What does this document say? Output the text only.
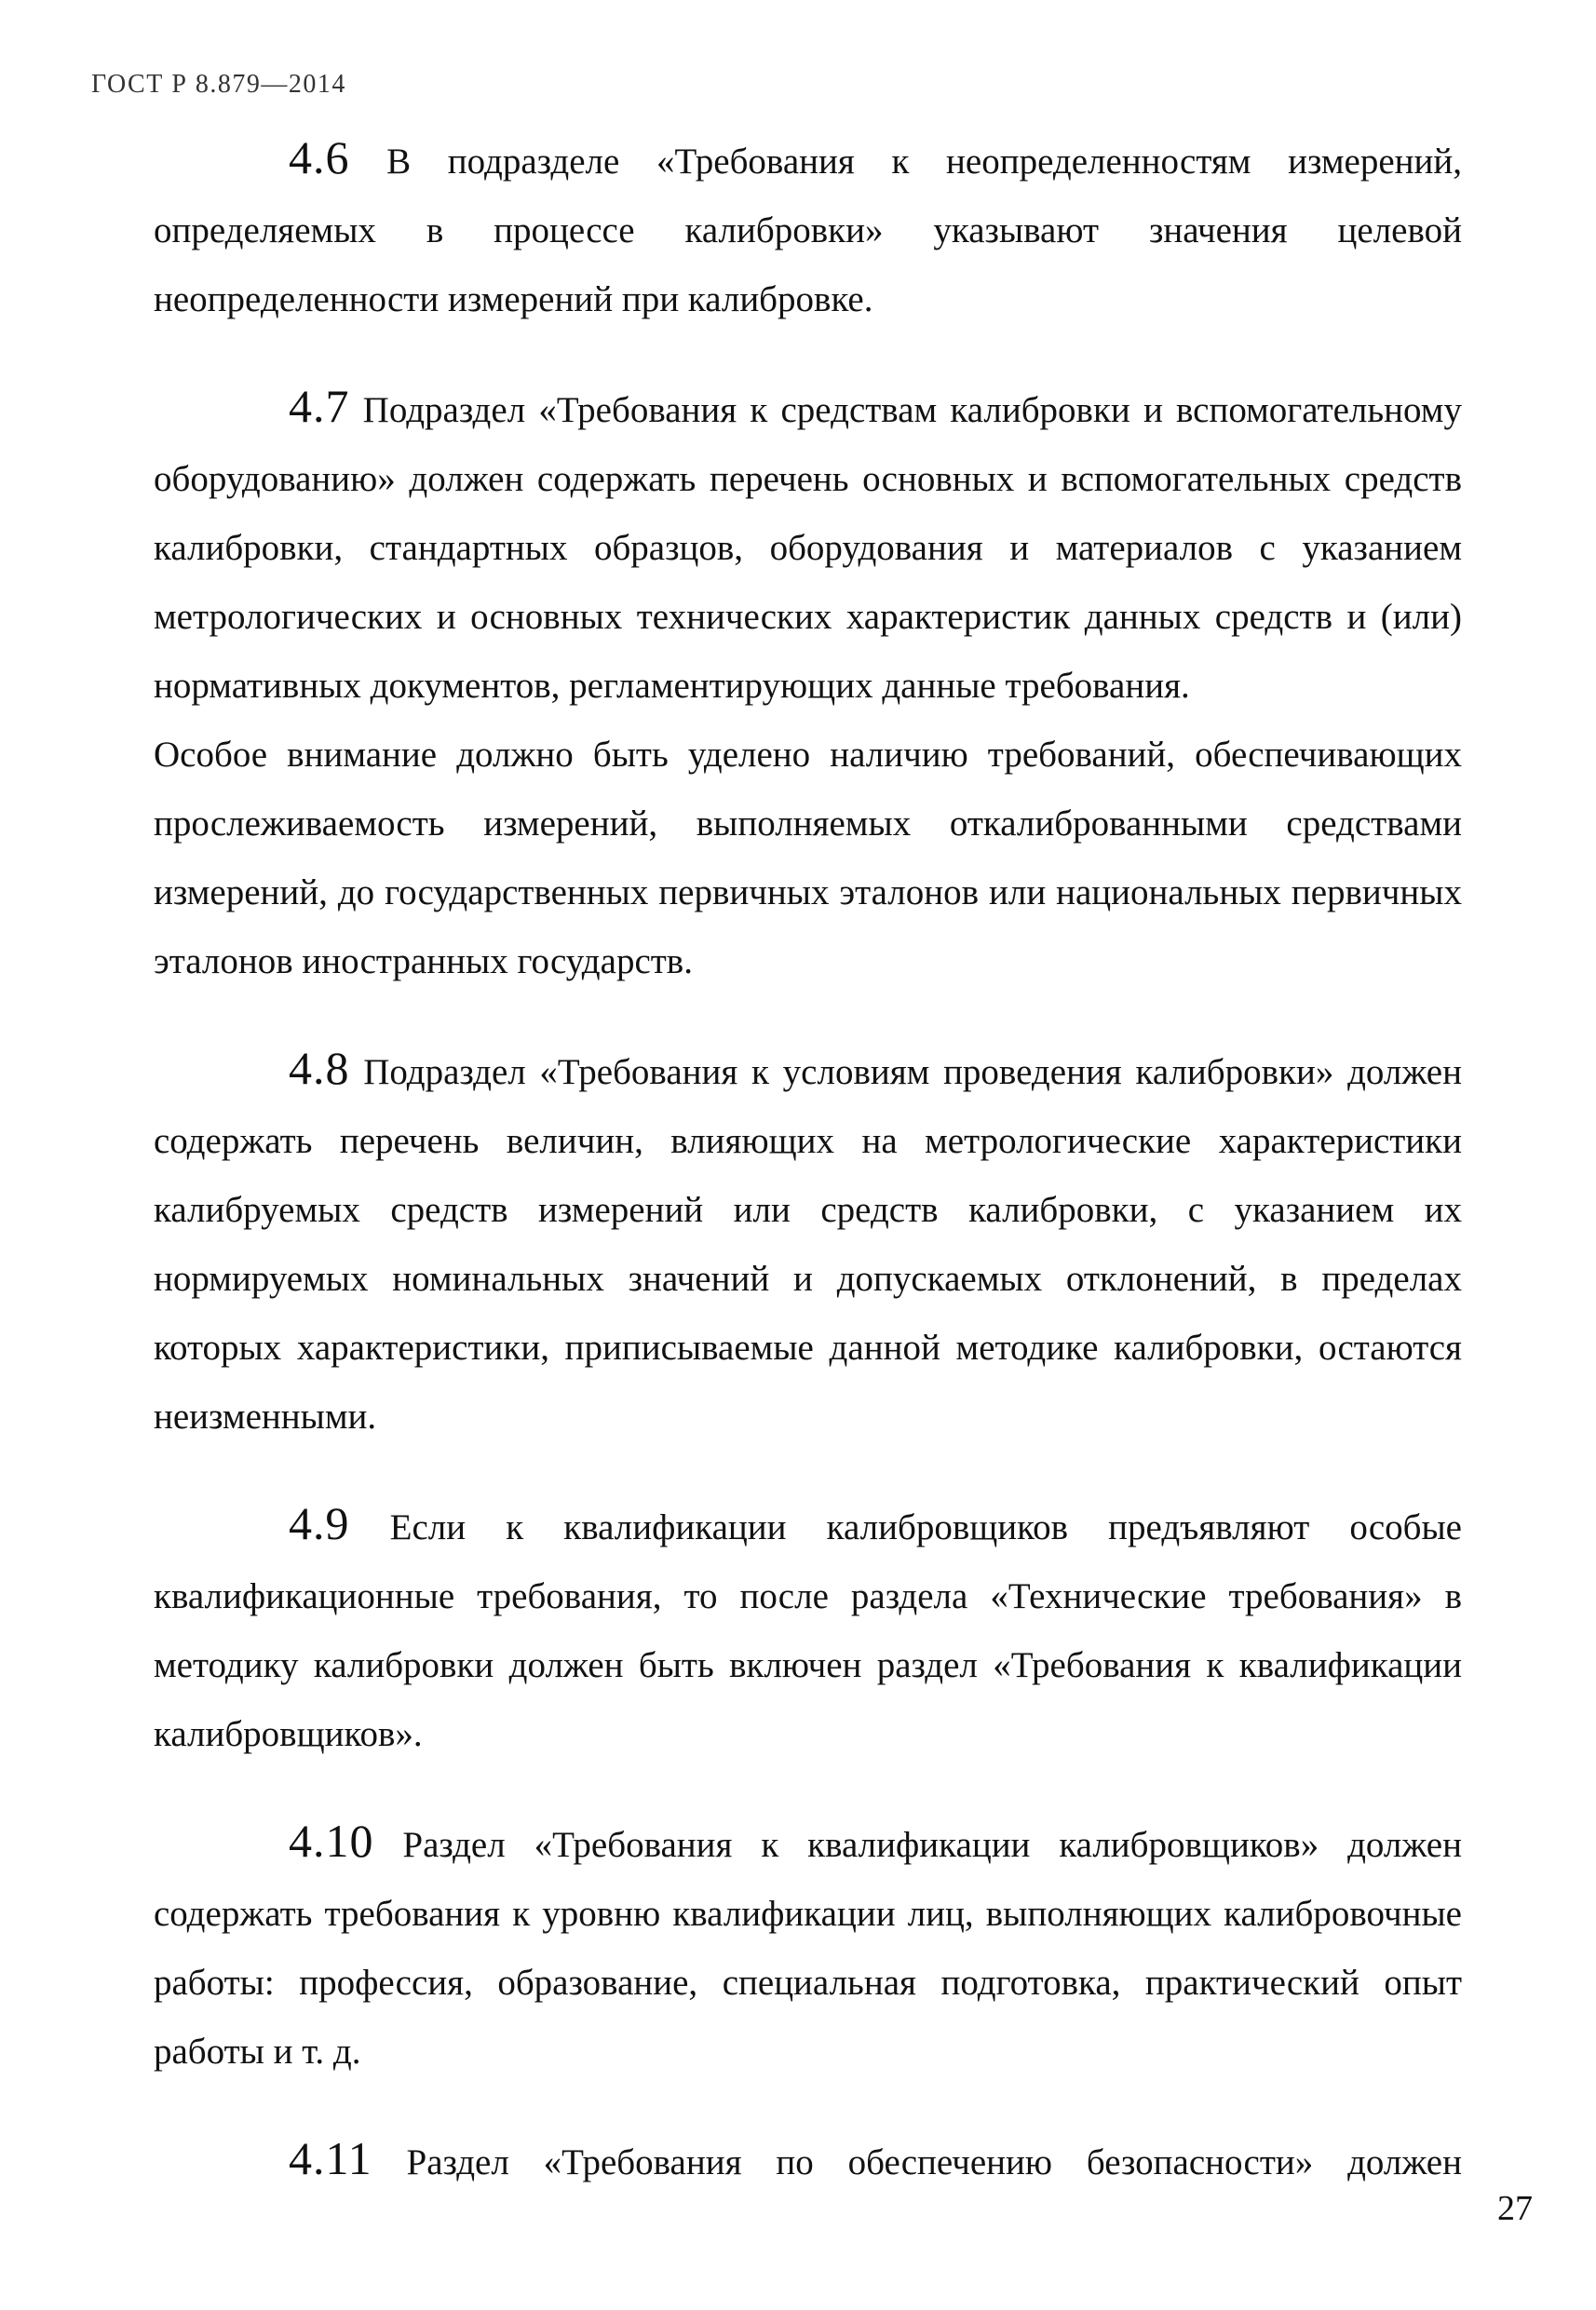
ГОСТ Р 8.879—2014

4.6 В подразделе «Требования к неопределенностям измерений, определяемых в процессе калибровки» указывают значения целевой неопределенности измерений при калибровке.

4.7 Подраздел «Требования к средствам калибровки и вспомогательному оборудованию» должен содержать перечень основных и вспомогательных средств калибровки, стандартных образцов, оборудования и материалов с указанием метрологических и основных технических характеристик данных средств и (или) нормативных документов, регламентирующих данные требования.

Особое внимание должно быть уделено наличию требований, обеспечивающих прослеживаемость измерений, выполняемых откалиброванными средствами измерений, до государственных первичных эталонов или национальных первичных эталонов иностранных государств.

4.8 Подраздел «Требования к условиям проведения калибровки» должен содержать перечень величин, влияющих на метрологические характеристики калибруемых средств измерений или средств калибровки, с указанием их нормируемых номинальных значений и допускаемых отклонений, в пределах которых характеристики, приписываемые данной методике калибровки, остаются неизменными.

4.9 Если к квалификации калибровщиков предъявляют особые квалификационные требования, то после раздела «Технические требования» в методику калибровки должен быть включен раздел «Требования к квалификации калибровщиков».

4.10 Раздел «Требования к квалификации калибровщиков» должен содержать требования к уровню квалификации лиц, выполняющих калибровочные работы: профессия, образование, специальная подготовка, практический опыт работы и т. д.

4.11 Раздел «Требования по обеспечению безопасности» должен

27
